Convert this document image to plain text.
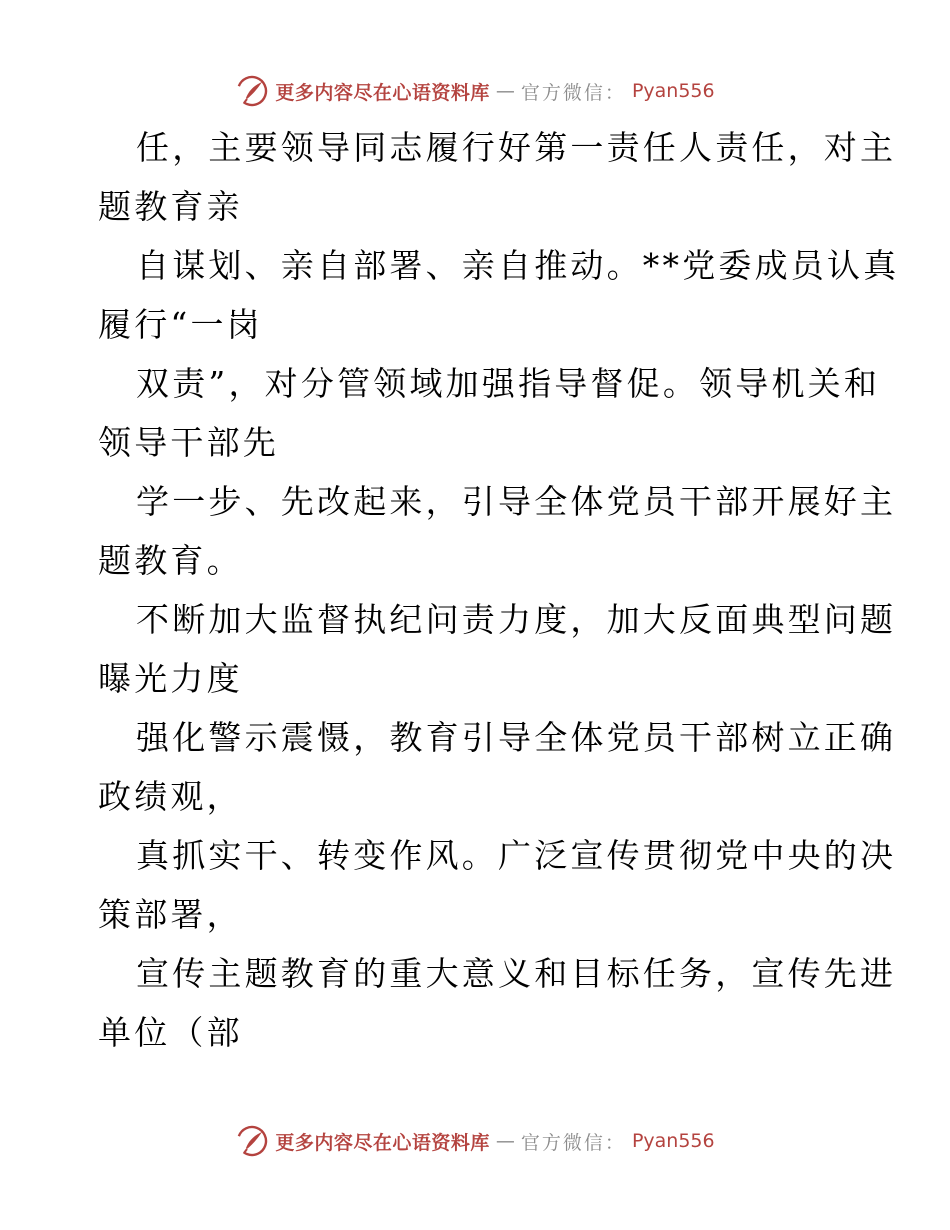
更多内容尽在心语资料库 — 官方微信： Pyan556
任，主要领导同志履行好第一责任人责任，对主
题教育亲
自谋划、亲自部署、亲自推动。**党委成员认真
履行“一岗
双责”，对分管领域加强指导督促。领导机关和
领导干部先
学一步、先改起来，引导全体党员干部开展好主
题教育。
不断加大监督执纪问责力度，加大反面典型问题
曝光力度
强化警示震慑，教育引导全体党员干部树立正确
政绩观，
真抓实干、转变作风。广泛宣传贯彻党中央的决
策部署，
宣传主题教育的重大意义和目标任务，宣传先进
单位（部
更多内容尽在心语资料库 — 官方微信： Pyan556
